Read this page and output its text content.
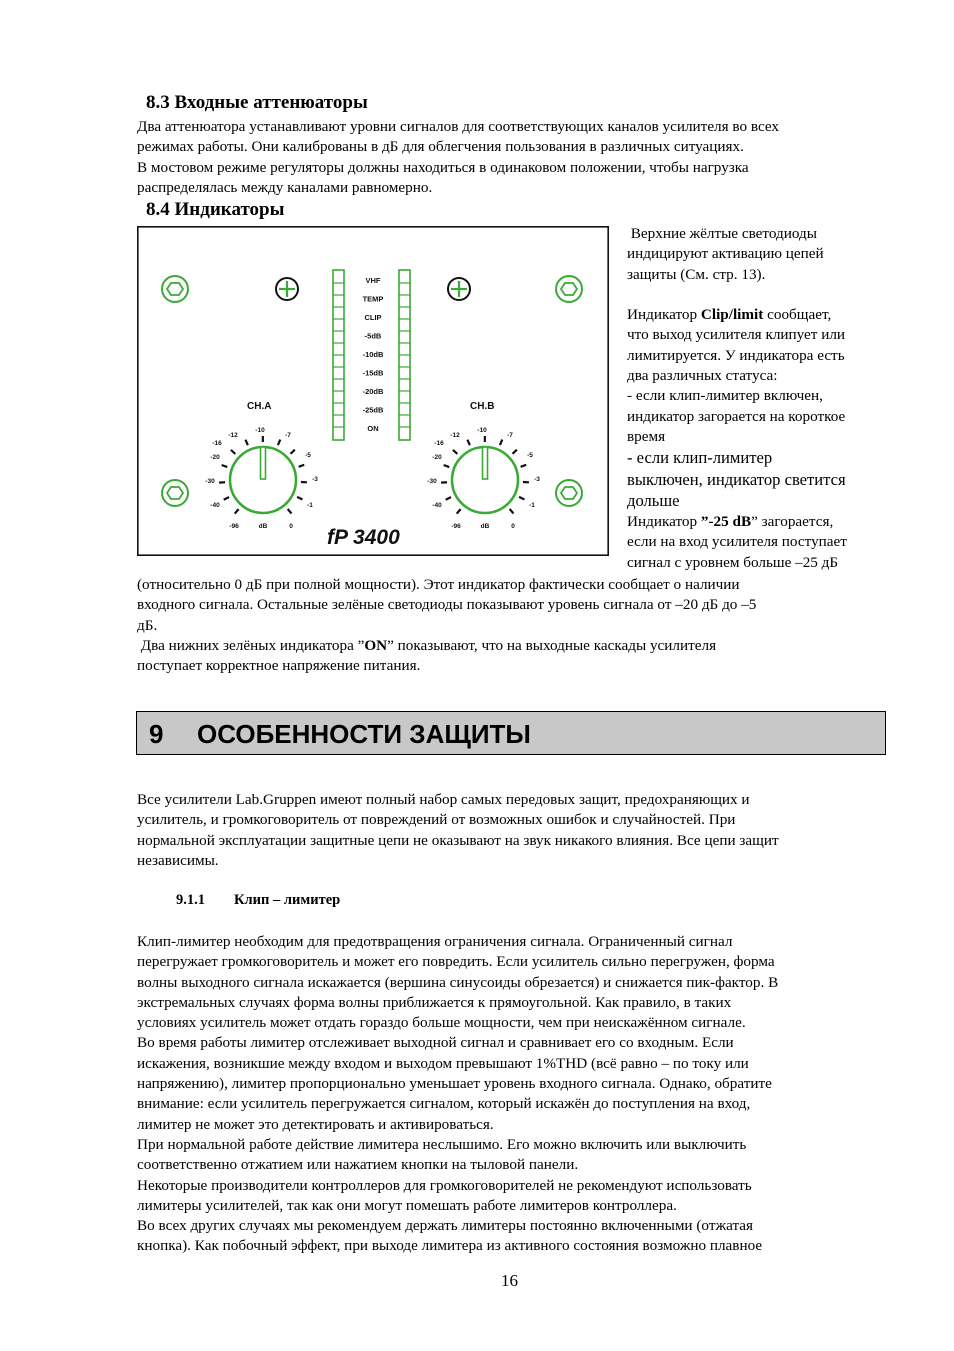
8.3 Входные аттенюаторы
Два аттенюатора устанавливают уровни сигналов для соответствующих каналов усилителя во всех
режимах работы. Они калиброваны в дБ для облегчения пользования в различных ситуациях.
В мостовом режиме регуляторы должны находиться в одинаковом положении, чтобы нагрузка
распределялась между каналами равномерно.
8.4 Индикаторы
VHF
TEMP
CLIP
-5dB
-10dB
-15dB
-20dB
-25dB
ON
CH.A	CH.B
-12
-10
-7
-5
-3
-1
0
dB
-96
-40
-30
-20
-16
-12
-10
-7
-5
-3
-1
0
dB
-96
-40
-30
-20
-16
fP 3400
Верхние жёлтые светодиоды
индицируют активацию цепей
защиты (См. стр. 13).
Индикатор Clip/limit сообщает,
что выход усилителя клипует или
лимитируется. У индикатора есть
два различных статуса:
- если клип-лимитер включен,
индикатор загорается на короткое
время
- если клип-лимитер
выключен, индикатор светится
дольше
Индикатор ”-25 dB” загорается,
если на вход усилителя поступает
сигнал с уровнем больше –25 дБ
(относительно 0 дБ при полной мощности). Этот индикатор фактически сообщает о наличии
входного сигнала. Остальные зелёные светодиоды показывают уровень сигнала от –20 дБ до –5
дБ.
Два нижних зелёных индикатора ”ON” показывают, что на выходные каскады усилителя
поступает корректное напряжение питания.
9 ОСОБЕННОСТИ ЗАЩИТЫ
Все усилители Lab.Gruppen имеют полный набор самых передовых защит, предохраняющих и
усилитель, и громкоговоритель от повреждений от возможных ошибок и случайностей. При
нормальной эксплуатации защитные цепи не оказывают на звук никакого влияния. Все цепи защит
независимы.
9.1.1 Клип – лимитер
Клип-лимитер необходим для предотвращения ограничения сигнала. Ограниченный сигнал
перегружает громкоговоритель и может его повредить. Если усилитель сильно перегружен, форма
волны выходного сигнала искажается (вершина синусоиды обрезается) и снижается пик-фактор. В
экстремальных случаях форма волны приближается к прямоугольной. Как правило, в таких
условиях усилитель может отдать гораздо больше мощности, чем при неискажённом сигнале.
Во время работы лимитер отслеживает выходной сигнал и сравнивает его со входным. Если
искажения, возникшие между входом и выходом превышают 1%THD (всё равно – по току или
напряжению), лимитер пропорционально уменьшает уровень входного сигнала. Однако, обратите
внимание: если усилитель перегружается сигналом, который искажён до поступления на вход,
лимитер не может это детектировать и активироваться.
При нормальной работе действие лимитера неслышимо. Его можно включить или выключить
соответственно отжатием или нажатием кнопки на тыловой панели.
Некоторые производители контроллеров для громкоговорителей не рекомендуют использовать
лимитеры усилителей, так как они могут помешать работе лимитеров контроллера.
Во всех других случаях мы рекомендуем держать лимитеры постоянно включенными (отжатая
кнопка). Как побочный эффект, при выходе лимитера из активного состояния возможно плавное
16
